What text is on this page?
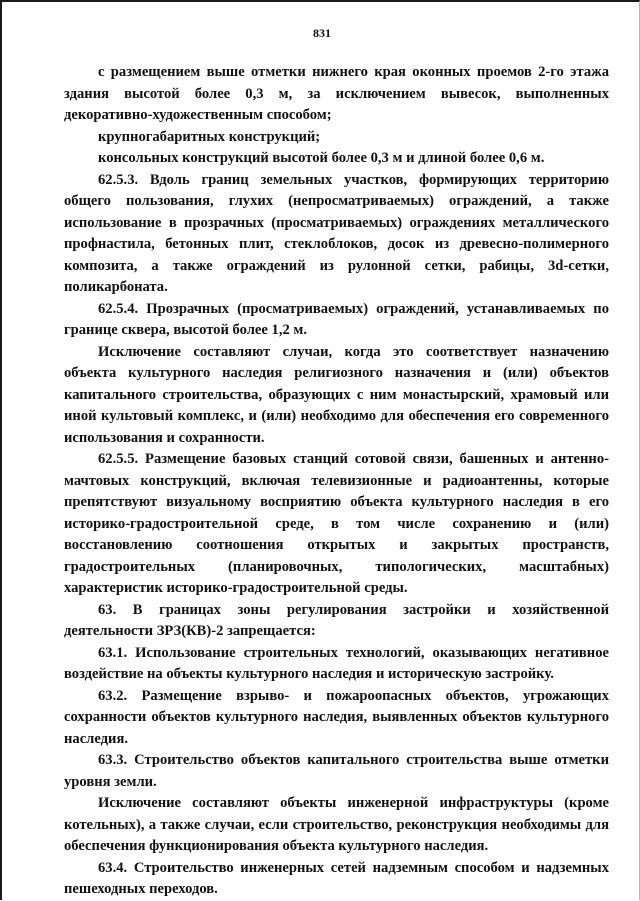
831

с размещением выше отметки нижнего края оконных проемов 2-го этажа здания высотой более 0,3 м, за исключением вывесок, выполненных декоративно-художественным способом;

крупногабаритных конструкций;

консольных конструкций высотой более 0,3 м и длиной более 0,6 м.

62.5.3. Вдоль границ земельных участков, формирующих территорию общего пользования, глухих (непросматриваемых) ограждений, а также использование в прозрачных (просматриваемых) ограждениях металлического профнастила, бетонных плит, стеклоблоков, досок из древесно-полимерного композита, а также ограждений из рулонной сетки, рабицы, 3d-сетки, поликарбоната.

62.5.4. Прозрачных (просматриваемых) ограждений, устанавливаемых по границе сквера, высотой более 1,2 м.

Исключение составляют случаи, когда это соответствует назначению объекта культурного наследия религиозного назначения и (или) объектов капитального строительства, образующих с ним монастырский, храмовый или иной культовый комплекс, и (или) необходимо для обеспечения его современного использования и сохранности.

62.5.5. Размещение базовых станций сотовой связи, башенных и антенно-мачтовых конструкций, включая телевизионные и радиоантенны, которые препятствуют визуальному восприятию объекта культурного наследия в его историко-градостроительной среде, в том числе сохранению и (или) восстановлению соотношения открытых и закрытых пространств, градостроительных (планировочных, типологических, масштабных) характеристик историко-градостроительной среды.

63. В границах зоны регулирования застройки и хозяйственной деятельности ЗРЗ(КВ)-2 запрещается:

63.1. Использование строительных технологий, оказывающих негативное воздействие на объекты культурного наследия и историческую застройку.

63.2. Размещение взрыво- и пожароопасных объектов, угрожающих сохранности объектов культурного наследия, выявленных объектов культурного наследия.

63.3. Строительство объектов капитального строительства выше отметки уровня земли.

Исключение составляют объекты инженерной инфраструктуры (кроме котельных), а также случаи, если строительство, реконструкция необходимы для обеспечения функционирования объекта культурного наследия.

63.4. Строительство инженерных сетей надземным способом и надземных пешеходных переходов.
